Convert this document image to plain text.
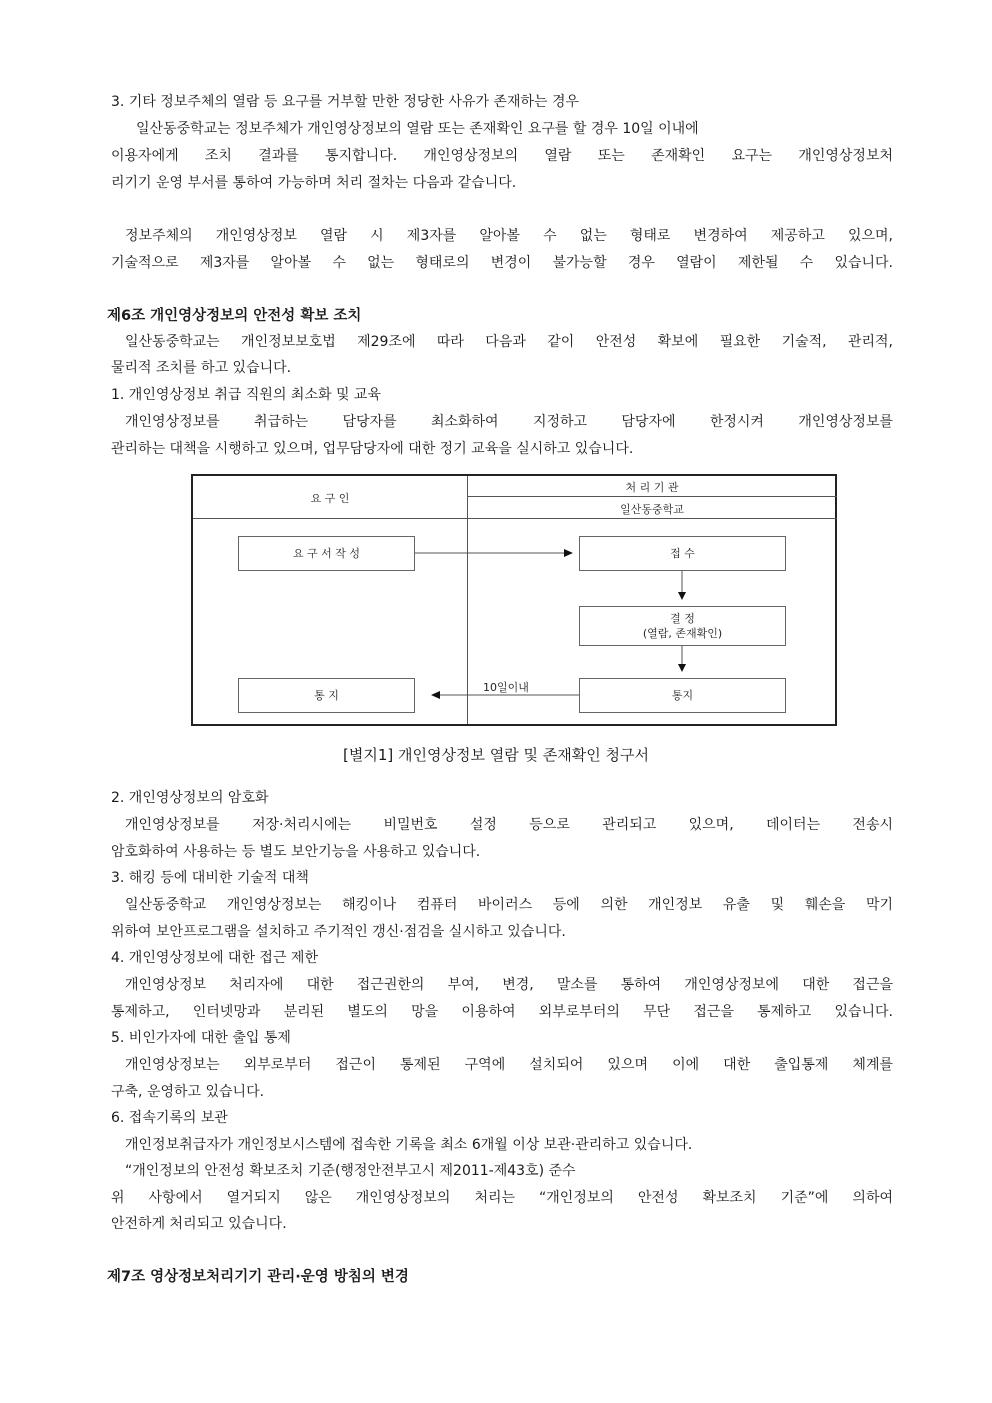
3. 기타 정보주체의 열람 등 요구를 거부할 만한 정당한 사유가 존재하는 경우
일산동중학교는 정보주체가 개인영상정보의 열람 또는 존재확인 요구를 할 경우 10일 이내에
이용자에게 조치 결과를 통지합니다. 개인영상정보의 열람 또는 존재확인 요구는 개인영상정보처
리기기 운영 부서를 통하여 가능하며 처리 절차는 다음과 같습니다.
정보주체의 개인영상정보 열람 시 제3자를 알아볼 수 없는 형태로 변경하여 제공하고 있으며,
기술적으로 제3자를 알아볼 수 없는 형태로의 변경이 불가능할 경우 열람이 제한될 수 있습니다.
제6조 개인영상정보의 안전성 확보 조치
일산동중학교는 개인정보보호법 제29조에 따라 다음과 같이 안전성 확보에 필요한 기술적, 관리적,
물리적 조치를 하고 있습니다.
1. 개인영상정보 취급 직원의 최소화 및 교육
개인영상정보를 취급하는 담당자를 최소화하여 지정하고 담당자에 한정시켜 개인영상정보를
관리하는 대책을 시행하고 있으며, 업무담당자에 대한 정기 교육을 실시하고 있습니다.
요 구 인
처 리 기 관
일산동중학교
요 구 서 작 성	접 수
결 정
(열람, 존재확인)
통지
통 지
10일이내
[별지1] 개인영상정보 열람 및 존재확인 청구서
2. 개인영상정보의 암호화
개인영상정보를 저장·처리시에는 비밀번호 설정 등으로 관리되고 있으며, 데이터는 전송시
암호화하여 사용하는 등 별도 보안기능을 사용하고 있습니다.
3. 해킹 등에 대비한 기술적 대책
일산동중학교 개인영상정보는 해킹이나 컴퓨터 바이러스 등에 의한 개인정보 유출 및 훼손을 막기
위하여 보안프로그램을 설치하고 주기적인 갱신·점검을 실시하고 있습니다.
4. 개인영상정보에 대한 접근 제한
개인영상정보 처리자에 대한 접근권한의 부여, 변경, 말소를 통하여 개인영상정보에 대한 접근을
통제하고, 인터넷망과 분리된 별도의 망을 이용하여 외부로부터의 무단 접근을 통제하고 있습니다.
5. 비인가자에 대한 출입 통제
개인영상정보는 외부로부터 접근이 통제된 구역에 설치되어 있으며 이에 대한 출입통제 체계를
구축, 운영하고 있습니다.
6. 접속기록의 보관
개인정보취급자가 개인정보시스템에 접속한 기록을 최소 6개월 이상 보관·관리하고 있습니다.
“개인정보의 안전성 확보조치 기준(행정안전부고시 제2011-제43호) 준수
위 사항에서 열거되지 않은 개인영상정보의 처리는 “개인정보의 안전성 확보조치 기준”에 의하여
안전하게 처리되고 있습니다.
제7조 영상정보처리기기 관리·운영 방침의 변경
